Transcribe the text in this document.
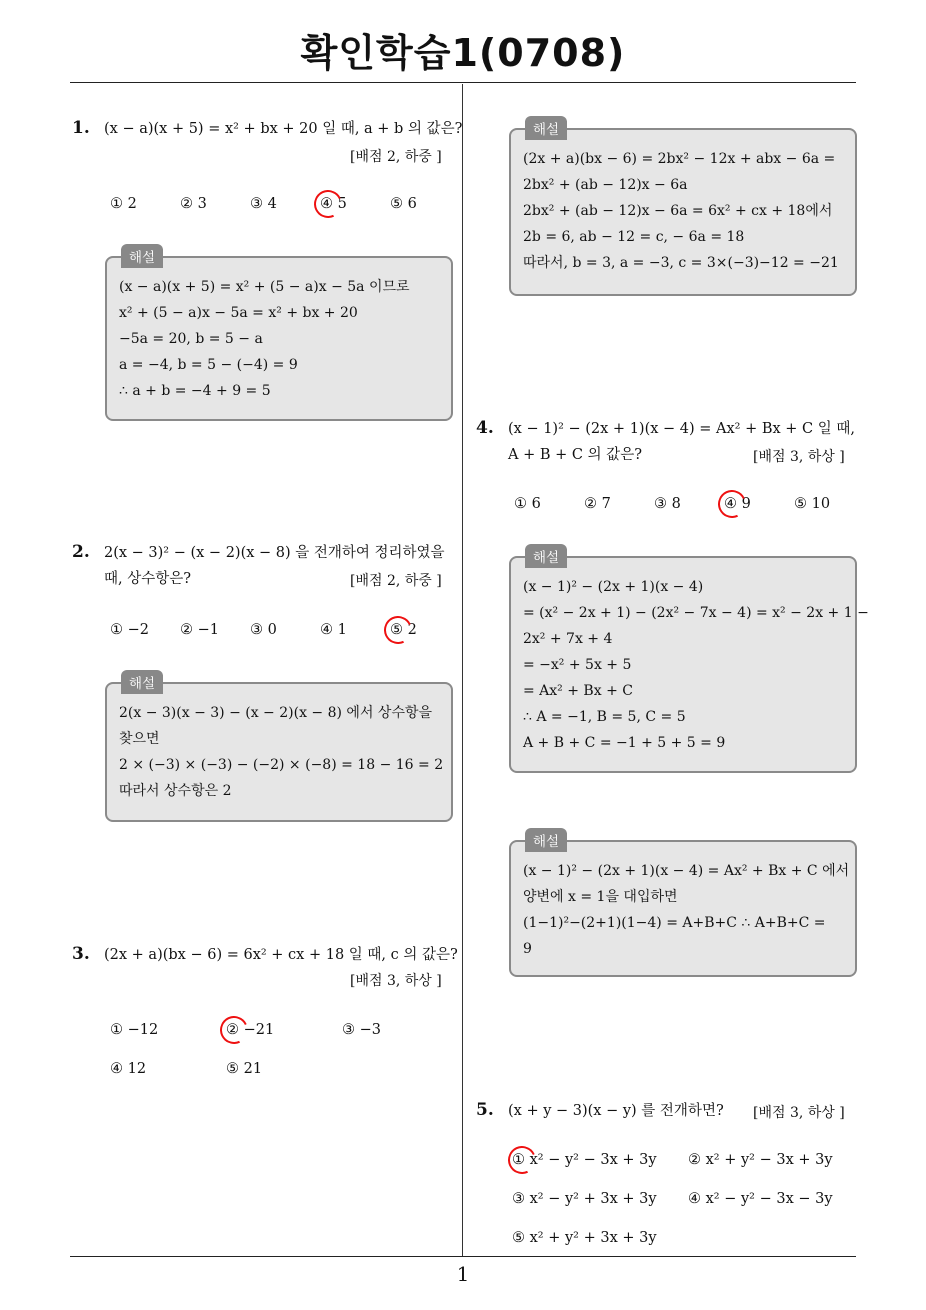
확인학습1(0708)
1
1. (x − a)(x + 5) = x² + bx + 20 일 때, a + b 의 값은?
[배점 2, 하중 ]
① 2	② 3	③ 4	④ 5	⑤ 6
해설
(x − a)(x + 5) = x² + (5 − a)x − 5a 이므로
x² + (5 − a)x − 5a = x² + bx + 20
−5a = 20, b = 5 − a
a = −4, b = 5 − (−4) = 9
∴ a + b = −4 + 9 = 5
2. 2(x − 3)² − (x − 2)(x − 8) 을 전개하여 정리하였을
때, 상수항은?	[배점 2, 하중 ]
① −2 ② −1 ③ 0	④ 1	⑤ 2
해설
2(x − 3)(x − 3) − (x − 2)(x − 8) 에서 상수항을
찾으면
2 × (−3) × (−3) − (−2) × (−8) = 18 − 16 = 2
따라서 상수항은 2
3. (2x + a)(bx − 6) = 6x² + cx + 18 일 때, c 의 값은?
[배점 3, 하상 ]
① −12	② −21	③ −3
④ 12	⑤ 21
해설
(2x + a)(bx − 6) = 2bx² − 12x + abx − 6a =
2bx² + (ab − 12)x − 6a
2bx² + (ab − 12)x − 6a = 6x² + cx + 18에서
2b = 6, ab − 12 = c, − 6a = 18
따라서, b = 3, a = −3, c = 3×(−3)−12 = −21
4. (x − 1)² − (2x + 1)(x − 4) = Ax² + Bx + C 일 때,
A + B + C 의 값은?	[배점 3, 하상 ]
① 6	② 7	③ 8	④ 9	⑤ 10
해설
(x − 1)² − (2x + 1)(x − 4)
= (x² − 2x + 1) − (2x² − 7x − 4) = x² − 2x + 1 −
2x² + 7x + 4
= −x² + 5x + 5
= Ax² + Bx + C
∴ A = −1, B = 5, C = 5
A + B + C = −1 + 5 + 5 = 9
해설
(x − 1)² − (2x + 1)(x − 4) = Ax² + Bx + C 에서
양변에 x = 1을 대입하면
(1−1)²−(2+1)(1−4) = A+B+C ∴ A+B+C =
9
5. (x + y − 3)(x − y) 를 전개하면? [배점 3, 하상 ]
① x² − y² − 3x + 3y ② x² + y² − 3x + 3y
③ x² − y² + 3x + 3y ④ x² − y² − 3x − 3y
⑤ x² + y² + 3x + 3y
